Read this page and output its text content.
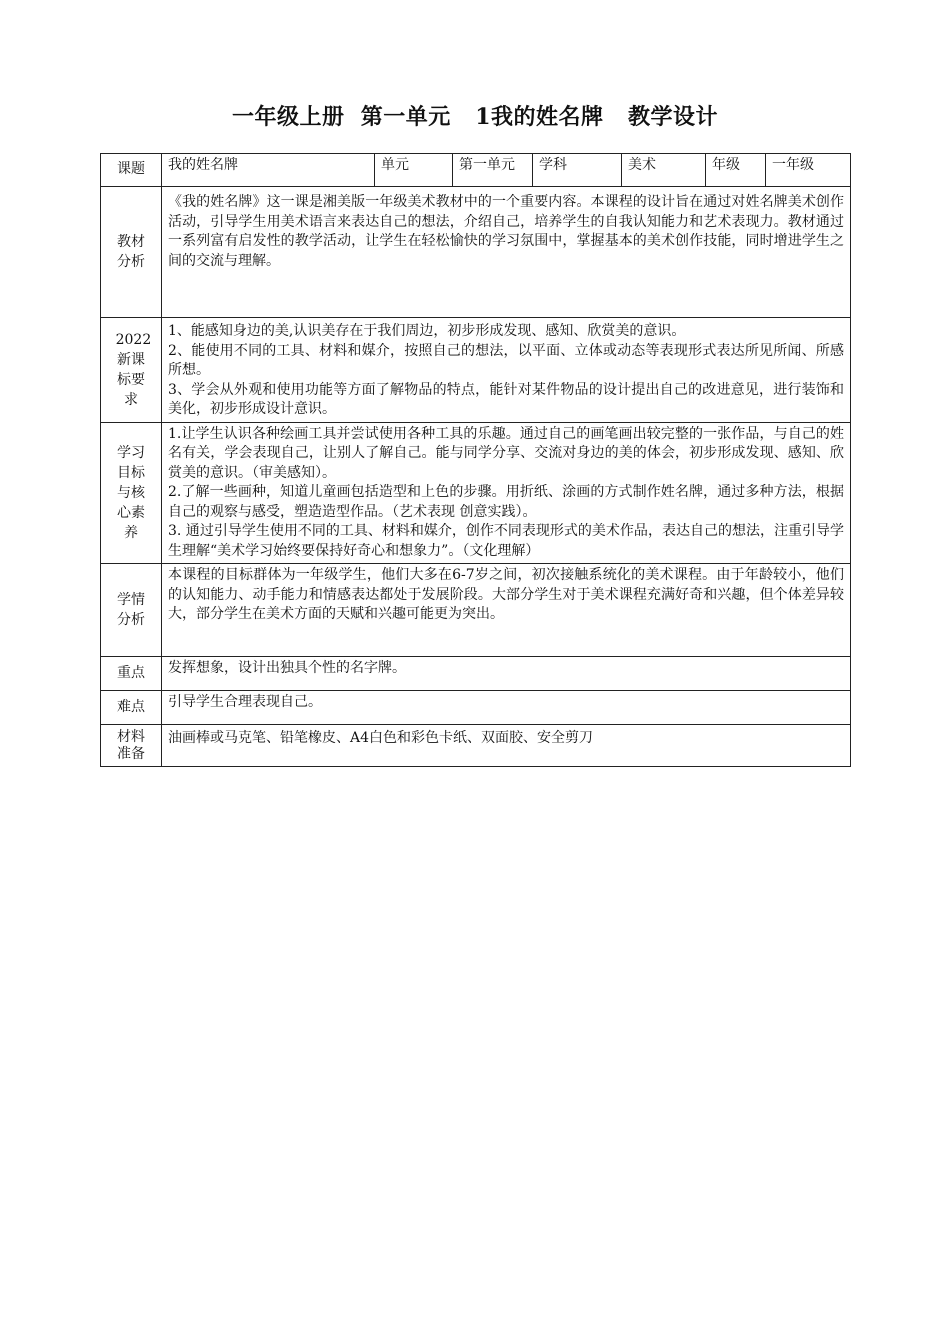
一年级上册  第一单元   1我的姓名牌   教学设计
课题	我的姓名牌	单元	第一单元	学科	美术	年级	一年级
教材分析	《我的姓名牌》这一课是湘美版一年级美术教材中的一个重要内容。本课程的设计旨在通过对姓名牌美术创作活动，引导学生用美术语言来表达自己的想法，介绍自己，培养学生的自我认知能力和艺术表现力。教材通过一系列富有启发性的教学活动，让学生在轻松愉快的学习氛围中，掌握基本的美术创作技能，同时增进学生之间的交流与理解。						

2022新课标要求	1、能感知身边的美,认识美存在于我们周边，初步形成发现、感知、欣赏美的意识。

2、能使用不同的工具、材料和媒介，按照自己的想法，以平面、立体或动态等表现形式表达所见所闻、所感所想。

3、学会从外观和使用功能等方面了解物品的特点，能针对某件物品的设计提出自己的改进意见，进行装饰和美化，初步形成设计意识。						

学习目标与核心素养	1.让学生认识各种绘画工具并尝试使用各种工具的乐趣。通过自己的画笔画出较完整的一张作品，与自己的姓名有关，学会表现自己，让别人了解自己。能与同学分享、交流对身边的美的体会，初步形成发现、感知、欣赏美的意识。（审美感知）。

2.了解一些画种，知道儿童画包括造型和上色的步骤。用折纸、涂画的方式制作姓名牌，通过多种方法，根据自己的观察与感受，塑造造型作品。（艺术表现 创意实践）。

3. 通过引导学生使用不同的工具、材料和媒介，创作不同表现形式的美术作品，表达自己的想法，注重引导学生理解“美术学习始终要保持好奇心和想象力”。（文化理解）						

学情分析	本课程的目标群体为一年级学生，他们大多在6-7岁之间，初次接触系统化的美术课程。由于年龄较小，他们的认知能力、动手能力和情感表达都处于发展阶段。大部分学生对于美术课程充满好奇和兴趣，但个体差异较大，部分学生在美术方面的天赋和兴趣可能更为突出。						

重点	发挥想象，设计出独具个性的名字牌。						
难点	引导学生合理表现自己。						
材料准备	油画棒或马克笔、铅笔橡皮、A4白色和彩色卡纸、双面胶、安全剪刀						
